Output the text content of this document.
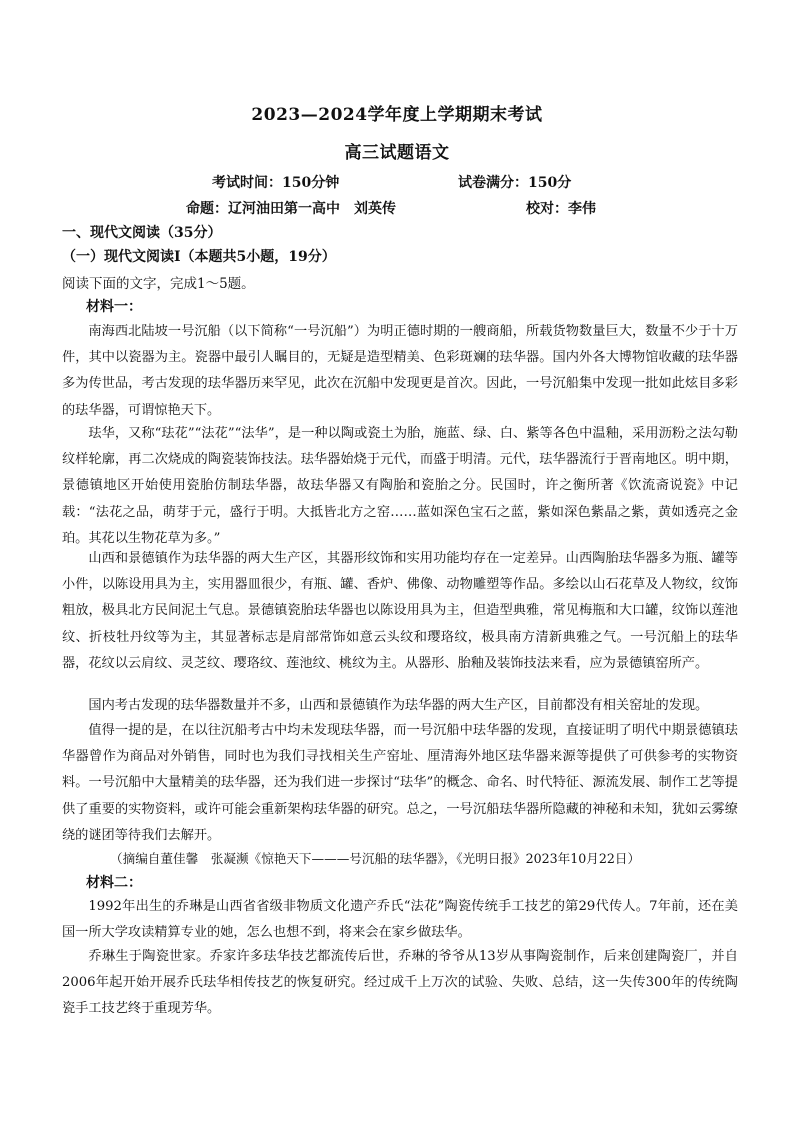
2023—2024学年度上学期期末考试
高三试题语文
考试时间：150分钟	试卷满分：150分
命题：辽河油田第一高中　刘英传	校对：李伟
一、现代文阅读（35分）
（一）现代文阅读Ⅰ（本题共5小题，19分）
阅读下面的文字，完成1～5题。
材料一：

南海西北陆坡一号沉船（以下简称“一号沉船”）为明正德时期的一艘商船，所载货物数量巨大，数量不少于十万件，其中以瓷器为主。瓷器中最引人瞩目的，无疑是造型精美、色彩斑斓的珐华器。国内外各大博物馆收藏的珐华器多为传世品，考古发现的珐华器历来罕见，此次在沉船中发现更是首次。因此，一号沉船集中发现一批如此炫目多彩的珐华器，可谓惊艳天下。

珐华，又称“珐花”“法花”“法华”，是一种以陶或瓷土为胎，施蓝、绿、白、紫等各色中温釉，采用沥粉之法勾勒纹样轮廓，再二次烧成的陶瓷装饰技法。珐华器始烧于元代，而盛于明清。元代，珐华器流行于晋南地区。明中期，景德镇地区开始使用瓷胎仿制珐华器，故珐华器又有陶胎和瓷胎之分。民国时，许之衡所著《饮流斋说瓷》中记载：“法花之品，萌芽于元，盛行于明。大抵皆北方之窑……蓝如深色宝石之蓝，紫如深色紫晶之紫，黄如透亮之金珀。其花以生物花草为多。”

山西和景德镇作为珐华器的两大生产区，其器形纹饰和实用功能均存在一定差异。山西陶胎珐华器多为瓶、罐等小件，以陈设用具为主，实用器皿很少，有瓶、罐、香炉、佛像、动物雕塑等作品。多绘以山石花草及人物纹，纹饰粗放，极具北方民间泥土气息。景德镇瓷胎珐华器也以陈设用具为主，但造型典雅，常见梅瓶和大口罐，纹饰以莲池纹、折枝牡丹纹等为主，其显著标志是肩部常饰如意云头纹和璎珞纹，极具南方清新典雅之气。一号沉船上的珐华器，花纹以云肩纹、灵芝纹、璎珞纹、莲池纹、桃纹为主。从器形、胎釉及装饰技法来看，应为景德镇窑所产。

国内考古发现的珐华器数量并不多，山西和景德镇作为珐华器的两大生产区，目前都没有相关窑址的发现。

值得一提的是，在以往沉船考古中均未发现珐华器，而一号沉船中珐华器的发现，直接证明了明代中期景德镇珐华器曾作为商品对外销售，同时也为我们寻找相关生产窑址、厘清海外地区珐华器来源等提供了可供参考的实物资料。一号沉船中大量精美的珐华器，还为我们进一步探讨“珐华”的概念、命名、时代特征、源流发展、制作工艺等提供了重要的实物资料，或许可能会重新架构珐华器的研究。总之，一号沉船珐华器所隐藏的神秘和未知，犹如云雾缭绕的谜团等待我们去解开。

（摘编自董佳馨　张凝濒《惊艳天下———号沉船的珐华器》，《光明日报》2023年10月22日）
材料二：

1992年出生的乔琳是山西省省级非物质文化遗产乔氏“法花”陶瓷传统手工技艺的第29代传人。7年前，还在美国一所大学攻读精算专业的她，怎么也想不到，将来会在家乡做珐华。

乔琳生于陶瓷世家。乔家许多珐华技艺都流传后世，乔琳的爷爷从13岁从事陶瓷制作，后来创建陶瓷厂，并自2006年起开始开展乔氏珐华相传技艺的恢复研究。经过成千上万次的试验、失败、总结，这一失传300年的传统陶瓷手工技艺终于重现芳华。
